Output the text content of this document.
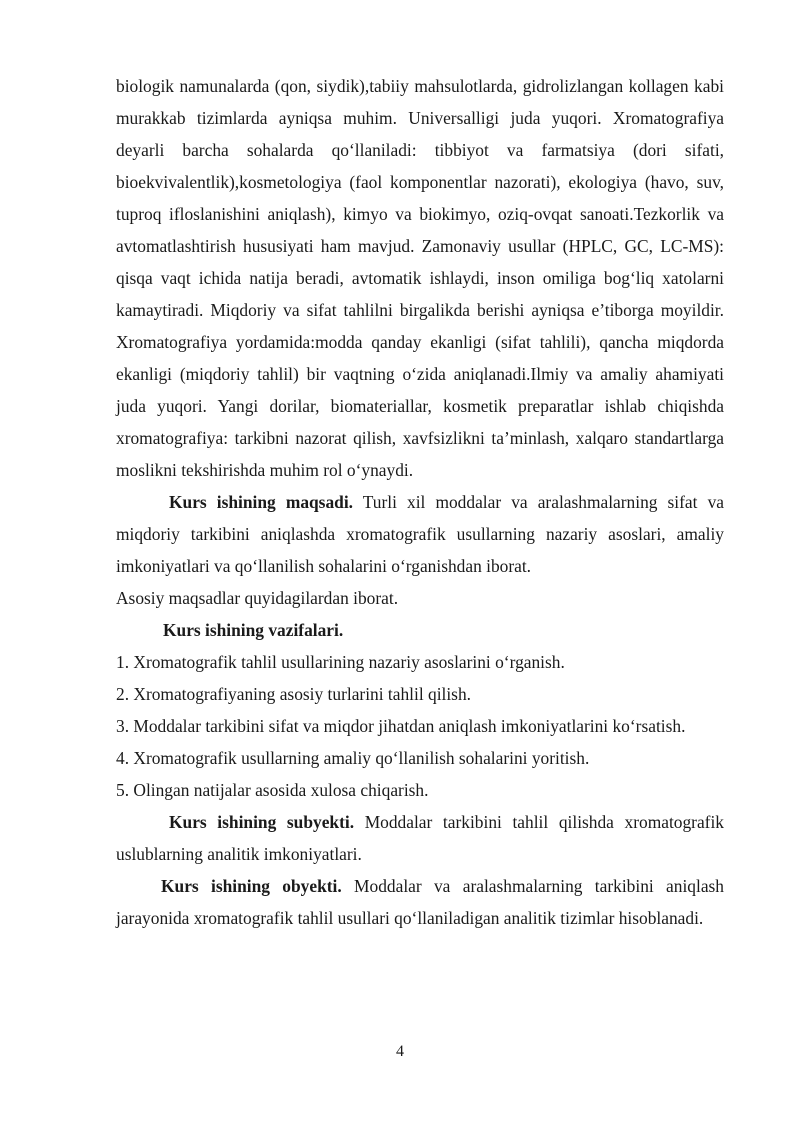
biologik namunalarda (qon, siydik),tabiiy mahsulotlarda, gidrolizlangan kollagen kabi murakkab tizimlarda ayniqsa muhim. Universalligi juda yuqori. Xromatografiya deyarli barcha sohalarda qo‘llaniladi: tibbiyot va farmatsiya (dori sifati, bioekvivalentlik),kosmetologiya (faol komponentlar nazorati), ekologiya (havo, suv, tuproq ifloslanishini aniqlash), kimyo va biokimyo, oziq-ovqat sanoati.Tezkorlik va avtomatlashtirish hususiyati ham mavjud. Zamonaviy usullar (HPLC, GC, LC-MS): qisqa vaqt ichida natija beradi, avtomatik ishlaydi, inson omiliga bog‘liq xatolarni kamaytiradi. Miqdoriy va sifat tahlilni birgalikda berishi ayniqsa e’tiborga moyildir. Xromatografiya yordamida:modda qanday ekanligi (sifat tahlili), qancha miqdorda ekanligi (miqdoriy tahlil) bir vaqtning o‘zida aniqlanadi.Ilmiy va amaliy ahamiyati juda yuqori. Yangi dorilar, biomateriallar, kosmetik preparatlar ishlab chiqishda xromatografiya: tarkibni nazorat qilish, xavfsizlikni ta’minlash, xalqaro standartlarga moslikni tekshirishda muhim rol o‘ynaydi.

Kurs ishining maqsadi. Turli xil moddalar va aralashmalarning sifat va miqdoriy tarkibini aniqlashda xromatografik usullarning nazariy asoslari, amaliy imkoniyatlari va qo‘llanilish sohalarini o‘rganishdan iborat.

Asosiy maqsadlar quyidagilardan iborat.

Kurs ishining vazifalari.

1. Xromatografik tahlil usullarining nazariy asoslarini o‘rganish.

2. Xromatografiyaning asosiy turlarini tahlil qilish.

3. Moddalar tarkibini sifat va miqdor jihatdan aniqlash imkoniyatlarini ko‘rsatish.

4. Xromatografik usullarning amaliy qo‘llanilish sohalarini yoritish.

5. Olingan natijalar asosida xulosa chiqarish.

Kurs ishining subyekti. Moddalar tarkibini tahlil qilishda xromatografik uslublarning analitik imkoniyatlari.

Kurs ishining obyekti. Moddalar va aralashmalarning tarkibini aniqlash jarayonida xromatografik tahlil usullari qo‘llaniladigan analitik tizimlar hisoblanadi.

4
